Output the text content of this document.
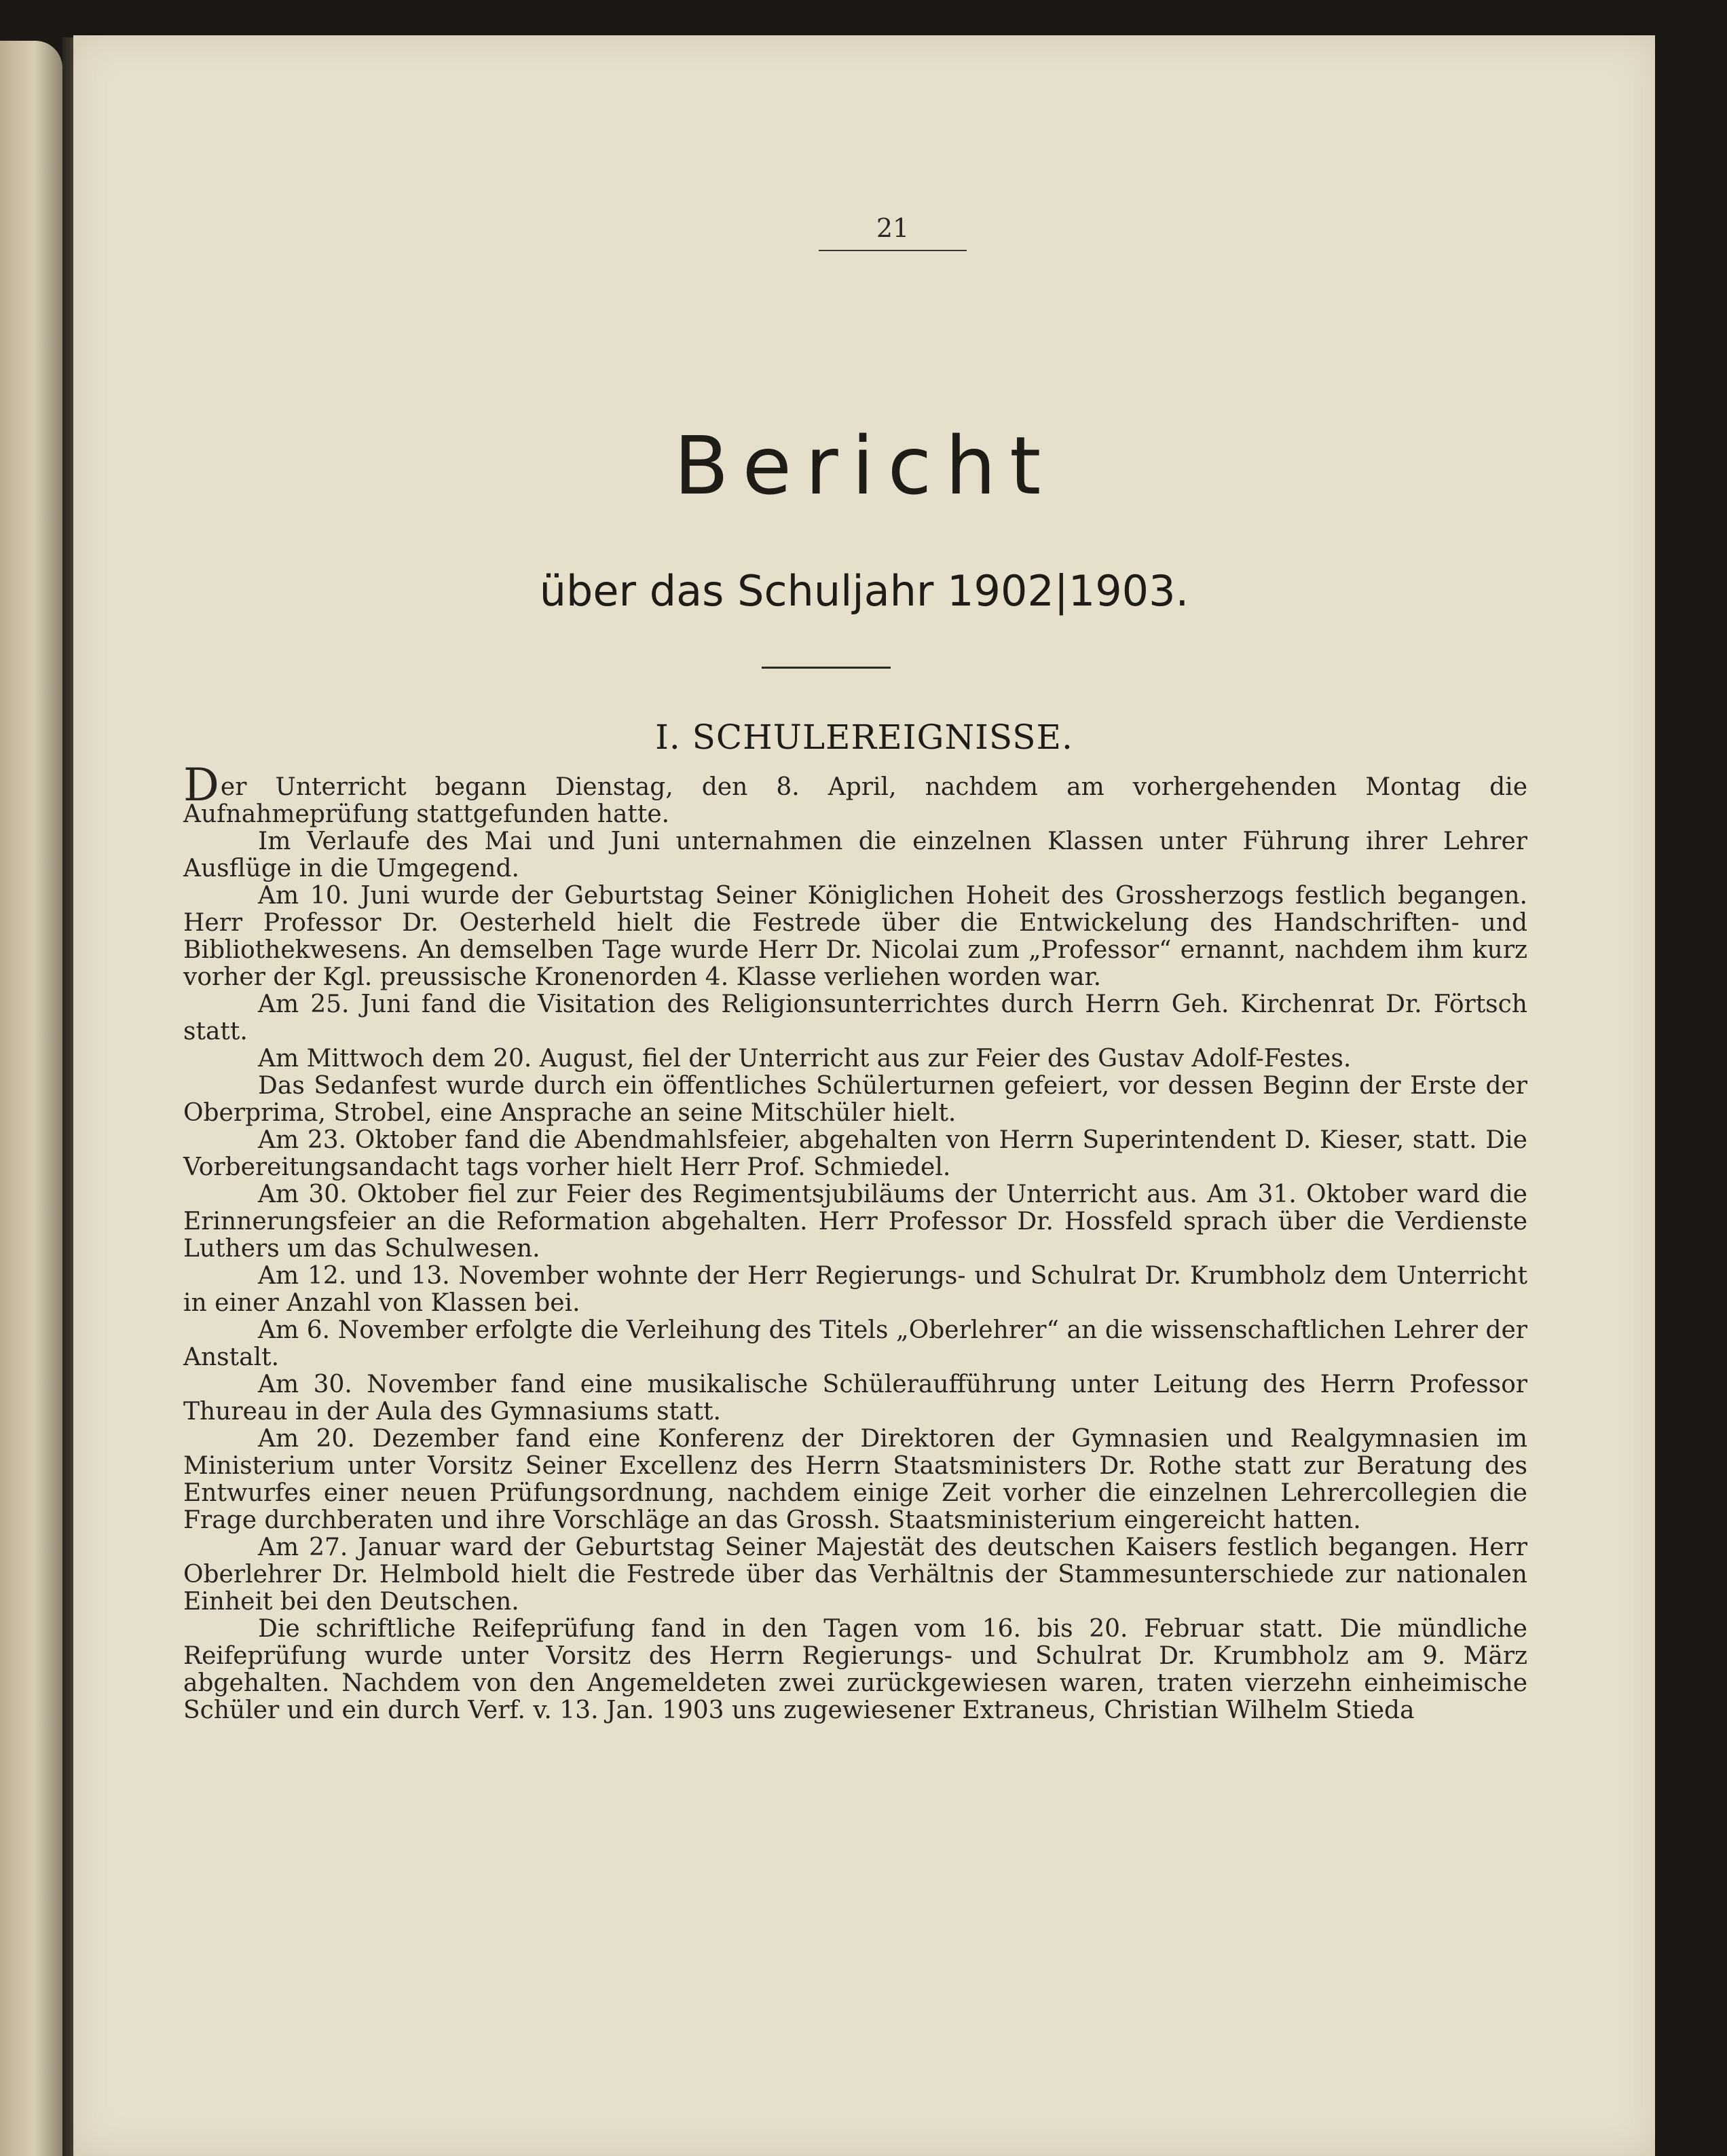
21
Bericht
über das Schuljahr 1902|1903.
I. SCHULEREIGNISSE.

Der Unterricht begann Dienstag, den 8. April, nachdem am vorhergehenden Montag die Aufnahmeprüfung stattgefunden hatte.

Im Verlaufe des Mai und Juni unternahmen die einzelnen Klassen unter Führung ihrer Lehrer Ausflüge in die Umgegend.

Am 10. Juni wurde der Geburtstag Seiner Königlichen Hoheit des Grossherzogs festlich begangen. Herr Professor Dr. Oesterheld hielt die Festrede über die Entwickelung des Handschriften- und Bibliothekwesens. An demselben Tage wurde Herr Dr. Nicolai zum „Professor“ ernannt, nachdem ihm kurz vorher der Kgl. preussische Kronenorden 4. Klasse verliehen worden war.

Am 25. Juni fand die Visitation des Religionsunterrichtes durch Herrn Geh. Kirchenrat Dr. Förtsch statt.

Am Mittwoch dem 20. August, fiel der Unterricht aus zur Feier des Gustav Adolf-Festes.

Das Sedanfest wurde durch ein öffentliches Schülerturnen gefeiert, vor dessen Beginn der Erste der Oberprima, Strobel, eine Ansprache an seine Mitschüler hielt.

Am 23. Oktober fand die Abendmahlsfeier, abgehalten von Herrn Superintendent D. Kieser, statt. Die Vorbereitungsandacht tags vorher hielt Herr Prof. Schmiedel.

Am 30. Oktober fiel zur Feier des Regimentsjubiläums der Unterricht aus. Am 31. Oktober ward die Erinnerungsfeier an die Reformation abgehalten. Herr Professor Dr. Hossfeld sprach über die Verdienste Luthers um das Schulwesen.

Am 12. und 13. November wohnte der Herr Regierungs- und Schulrat Dr. Krumbholz dem Unterricht in einer Anzahl von Klassen bei.

Am 6. November erfolgte die Verleihung des Titels „Oberlehrer“ an die wissenschaftlichen Lehrer der Anstalt.

Am 30. November fand eine musikalische Schüleraufführung unter Leitung des Herrn Professor Thureau in der Aula des Gymnasiums statt.

Am 20. Dezember fand eine Konferenz der Direktoren der Gymnasien und Realgymnasien im Ministerium unter Vorsitz Seiner Excellenz des Herrn Staatsministers Dr. Rothe statt zur Beratung des Entwurfes einer neuen Prüfungsordnung, nachdem einige Zeit vorher die einzelnen Lehrercollegien die Frage durchberaten und ihre Vorschläge an das Grossh. Staatsministerium eingereicht hatten.

Am 27. Januar ward der Geburtstag Seiner Majestät des deutschen Kaisers festlich begangen. Herr Oberlehrer Dr. Helmbold hielt die Festrede über das Verhältnis der Stammesunterschiede zur nationalen Einheit bei den Deutschen.

Die schriftliche Reifeprüfung fand in den Tagen vom 16. bis 20. Februar statt. Die mündliche Reifeprüfung wurde unter Vorsitz des Herrn Regierungs- und Schulrat Dr. Krumbholz am 9. März abgehalten. Nachdem von den Angemeldeten zwei zurückgewiesen waren, traten vierzehn einheimische Schüler und ein durch Verf. v. 13. Jan. 1903 uns zugewiesener Extraneus, Christian Wilhelm Stieda
